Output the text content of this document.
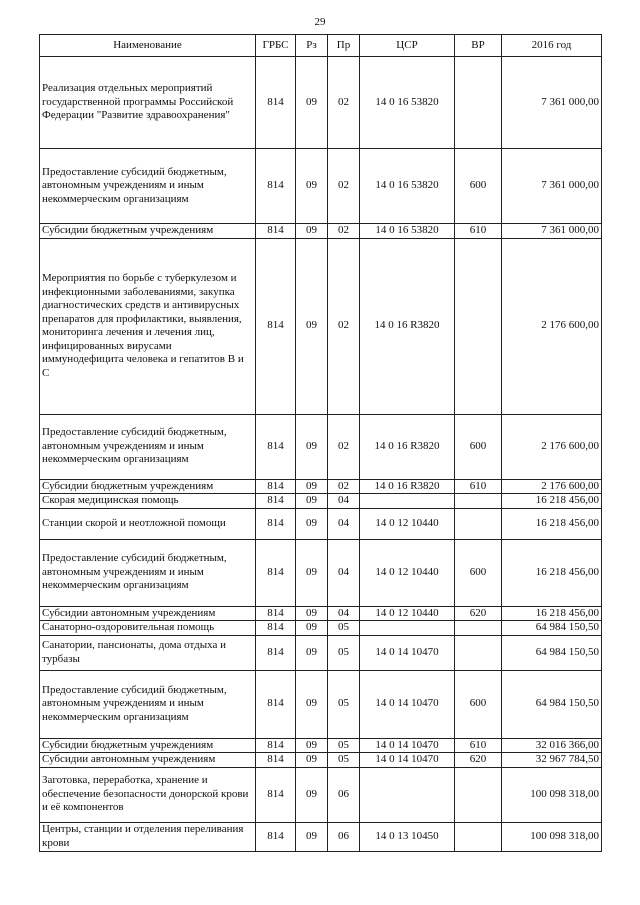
29
Наименование	ГРБС	Рз	Пр	ЦСР	ВР	2016 год
Реализация отдельных мероприятий государственной программы Российской Федерации "Развитие здравоохранения"	814	09	02	14 0 16 53820		7 361 000,00
Предоставление субсидий бюджетным, автономным учреждениям и иным некоммерческим организациям	814	09	02	14 0 16 53820	600	7 361 000,00
Субсидии бюджетным учреждениям	814	09	02	14 0 16 53820	610	7 361 000,00
Мероприятия по борьбе с туберкулезом и инфекционными заболеваниями, закупка диагностических средств и антивирусных препаратов для профилактики, выявления, мониторинга лечения и лечения лиц, инфицированных вирусами иммунодефицита человека и гепатитов В и С	814	09	02	14 0 16 R3820		2 176 600,00
Предоставление субсидий бюджетным, автономным учреждениям и иным некоммерческим организациям	814	09	02	14 0 16 R3820	600	2 176 600,00
Субсидии бюджетным учреждениям	814	09	02	14 0 16 R3820	610	2 176 600,00
Скорая медицинская помощь	814	09	04			16 218 456,00
Станции скорой и неотложной помощи	814	09	04	14 0 12 10440		16 218 456,00
Предоставление субсидий бюджетным, автономным учреждениям и иным некоммерческим организациям	814	09	04	14 0 12 10440	600	16 218 456,00
Субсидии автономным учреждениям	814	09	04	14 0 12 10440	620	16 218 456,00
Санаторно-оздоровительная помощь	814	09	05			64 984 150,50
Санатории, пансионаты, дома отдыха и турбазы	814	09	05	14 0 14 10470		64 984 150,50
Предоставление субсидий бюджетным, автономным учреждениям и иным некоммерческим организациям	814	09	05	14 0 14 10470	600	64 984 150,50
Субсидии бюджетным учреждениям	814	09	05	14 0 14 10470	610	32 016 366,00
Субсидии автономным учреждениям	814	09	05	14 0 14 10470	620	32 967 784,50
Заготовка, переработка, хранение и обеспечение безопасности донорской крови и её компонентов	814	09	06			100 098 318,00
Центры, станции и отделения переливания крови	814	09	06	14 0 13 10450		100 098 318,00
